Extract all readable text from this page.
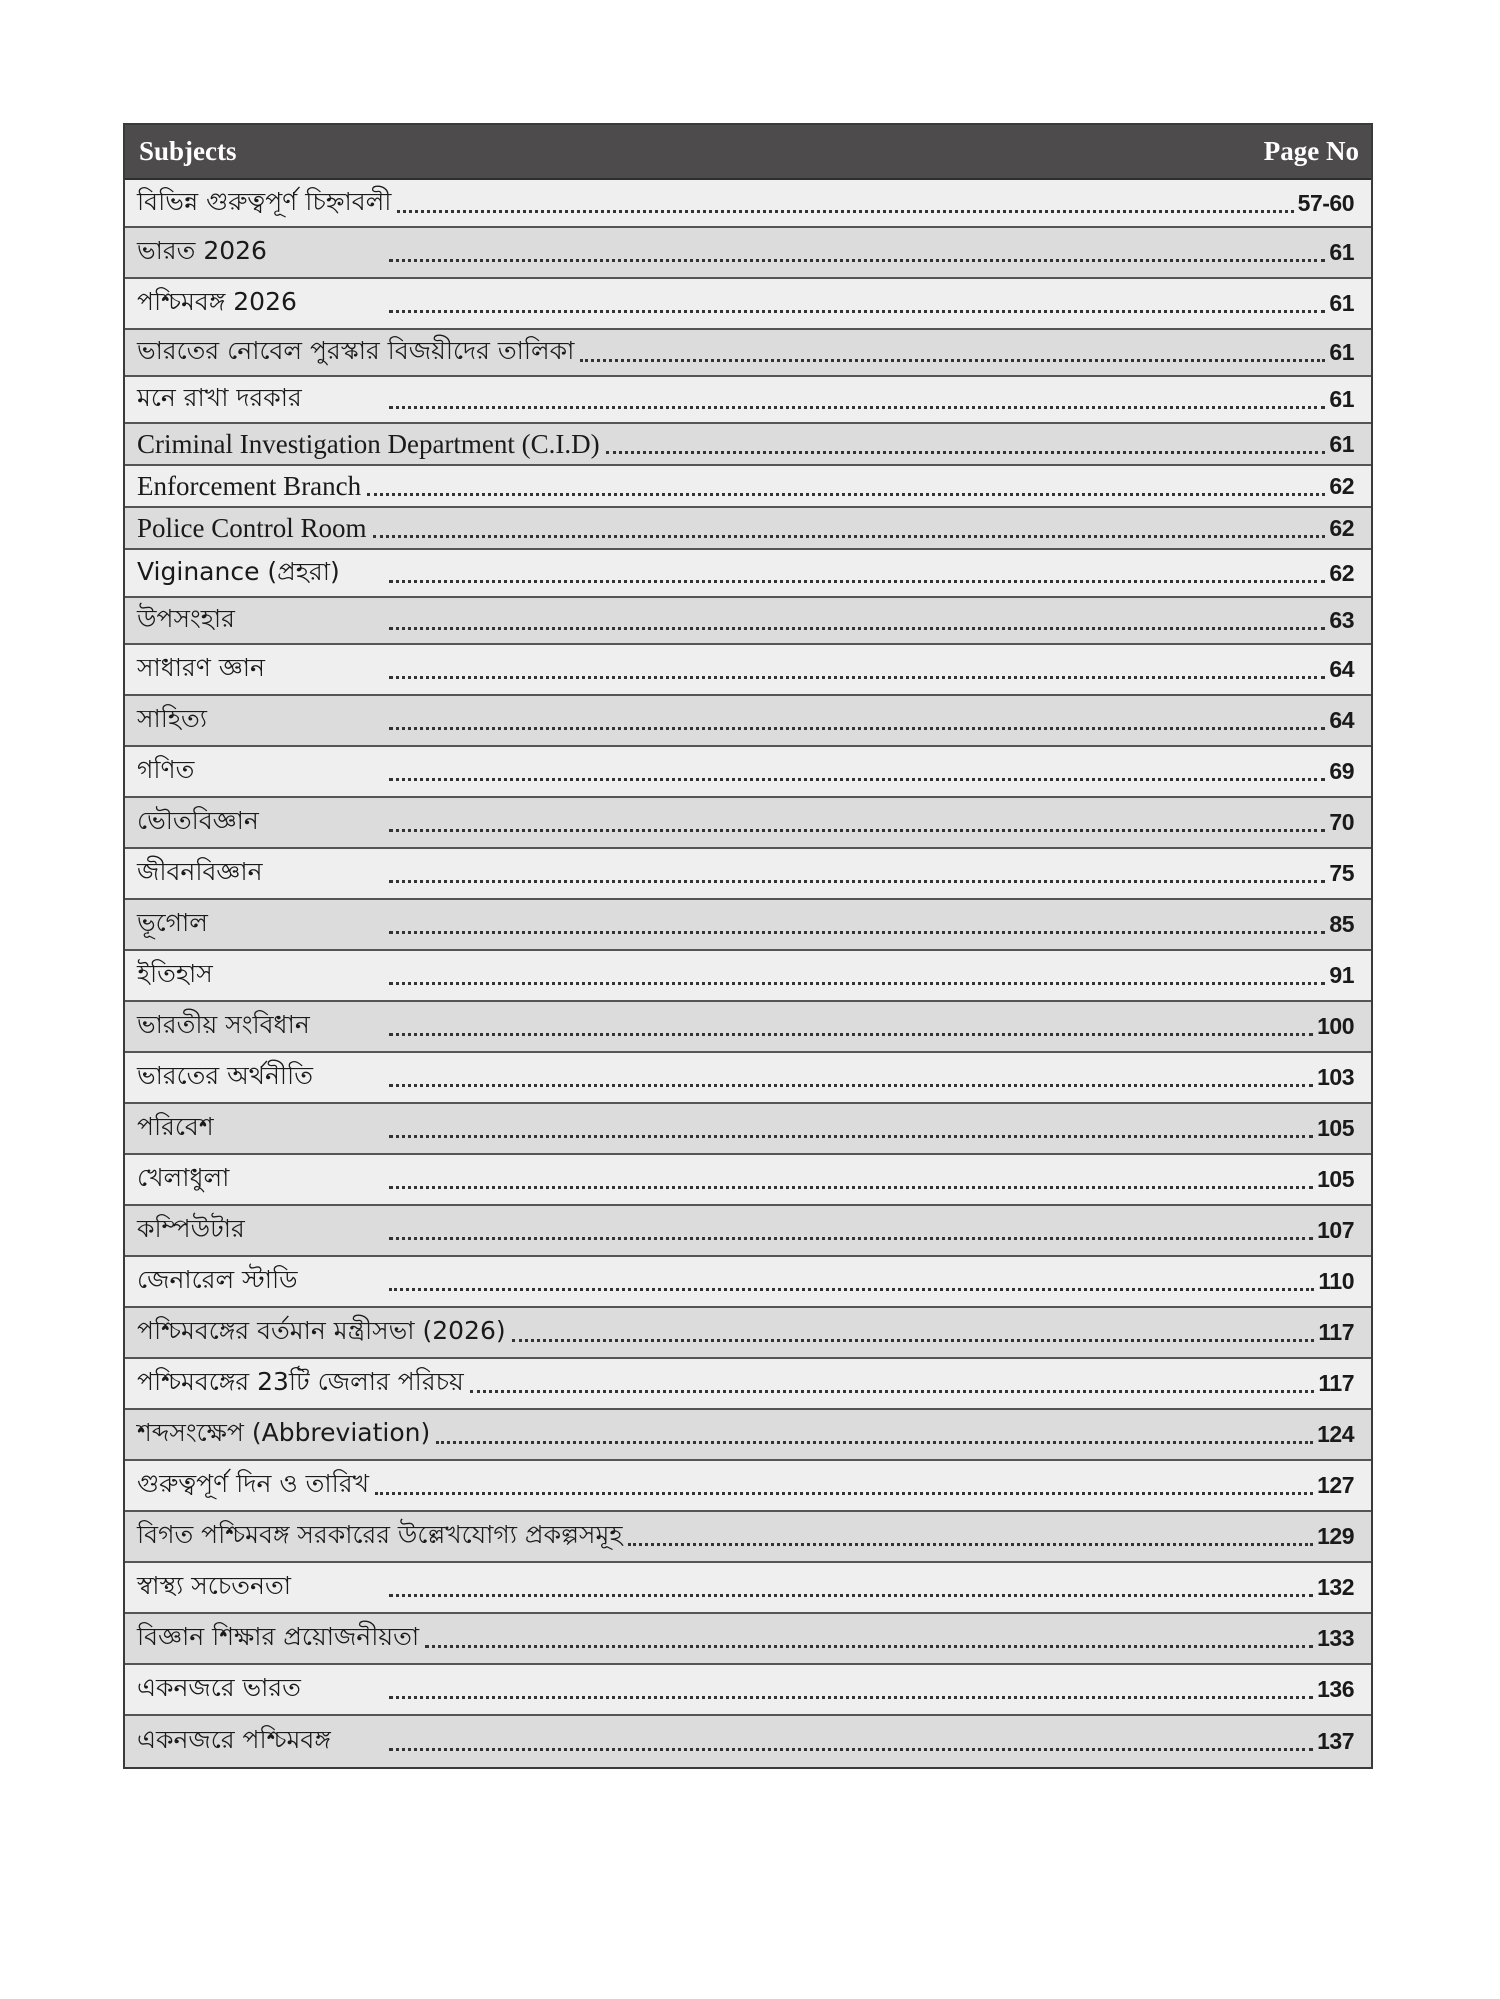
Subjects	Page No
বিভিন্ন গুরুত্বপূর্ণ চিহ্নাবলী	57-60
ভারত 2026	61
পশ্চিমবঙ্গ 2026	61
ভারতের নোবেল পুরস্কার বিজয়ীদের তালিকা	61
মনে রাখা দরকার	61
Criminal Investigation Department (C.I.D)	61
Enforcement Branch	62
Police Control Room	62
Viginance (প্রহরা)	62
উপসংহার	63
সাধারণ জ্ঞান	64
সাহিত্য	64
গণিত	69
ভৌতবিজ্ঞান	70
জীবনবিজ্ঞান	75
ভূগোল	85
ইতিহাস	91
ভারতীয় সংবিধান	100
ভারতের অর্থনীতি	103
পরিবেশ	105
খেলাধুলা	105
কম্পিউটার	107
জেনারেল স্টাডি	110
পশ্চিমবঙ্গের বর্তমান মন্ত্রীসভা (2026)	117
পশ্চিমবঙ্গের 23টি জেলার পরিচয়	117
শব্দসংক্ষেপ (Abbreviation)	124
গুরুত্বপূর্ণ দিন ও তারিখ	127
বিগত পশ্চিমবঙ্গ সরকারের উল্লেখযোগ্য প্রকল্পসমূহ	129
স্বাস্থ্য সচেতনতা	132
বিজ্ঞান শিক্ষার প্রয়োজনীয়তা	133
একনজরে ভারত	136
একনজরে পশ্চিমবঙ্গ	137
